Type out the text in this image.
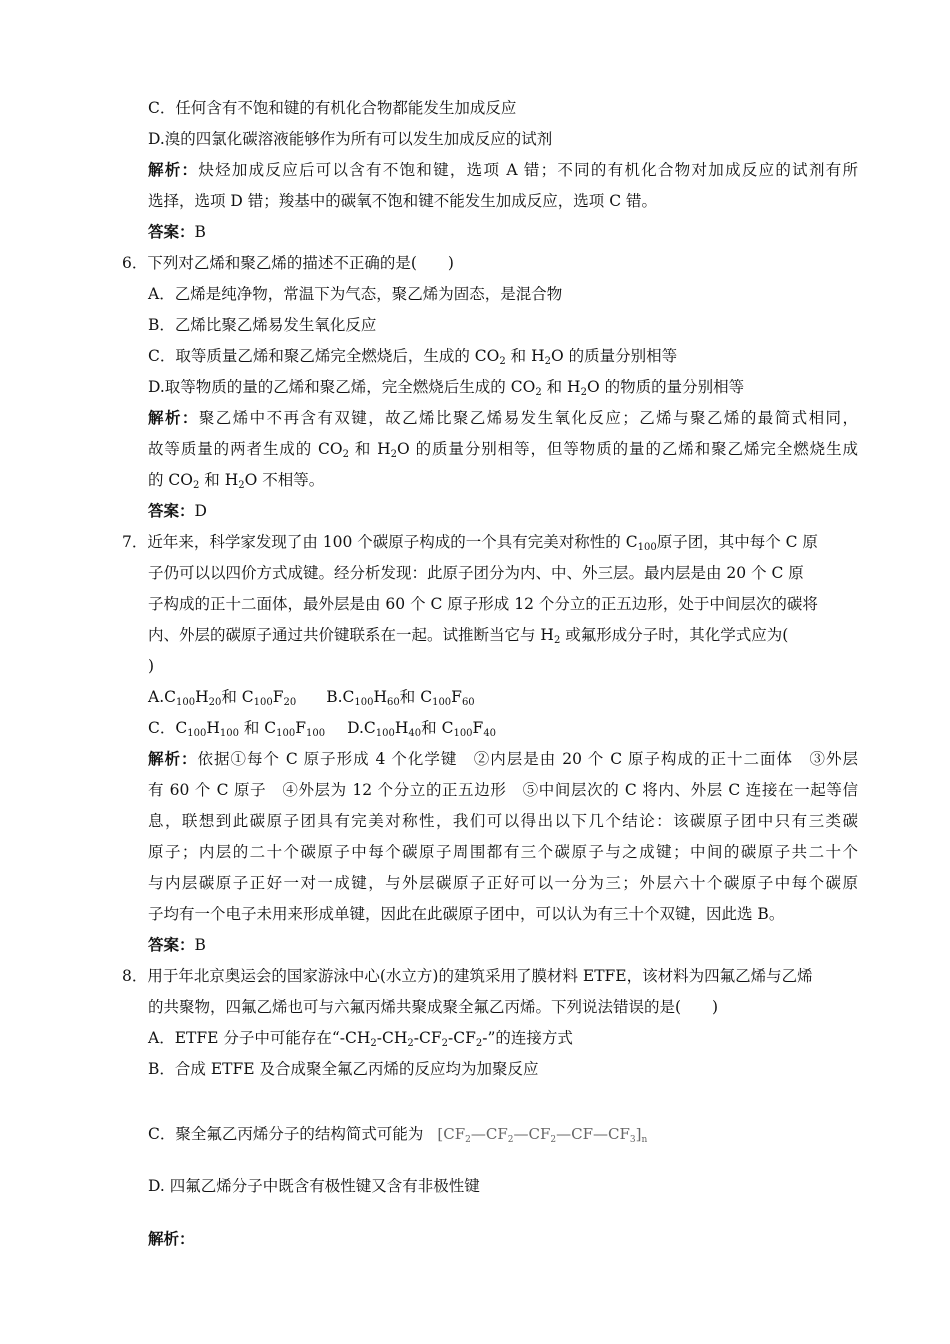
C．任何含有不饱和键的有机化合物都能发生加成反应
D.溴的四氯化碳溶液能够作为所有可以发生加成反应的试剂
解析：炔烃加成反应后可以含有不饱和键，选项 A 错；不同的有机化合物对加成反应的试剂有所
选择，选项 D 错；羧基中的碳氧不饱和键不能发生加成反应，选项 C 错。
答案：B
6．下列对乙烯和聚乙烯的描述不正确的是(　　)
A．乙烯是纯净物，常温下为气态，聚乙烯为固态，是混合物
B．乙烯比聚乙烯易发生氧化反应
C．取等质量乙烯和聚乙烯完全燃烧后，生成的 $CO_2$ 和 $H_2O$ 的质量分别相等
D.取等物质的量的乙烯和聚乙烯，完全燃烧后生成的 $CO_2$ 和 $H_2O$ 的物质的量分别相等
解析：聚乙烯中不再含有双键，故乙烯比聚乙烯易发生氧化反应；乙烯与聚乙烯的最简式相同，
故等质量的两者生成的 $CO_2$ 和 $H_2O$ 的质量分别相等，但等物质的量的乙烯和聚乙烯完全燃烧生成
的 $CO_2$ 和 $H_2O$ 不相等。
答案：D
7．近年来，科学家发现了由 100 个碳原子构成的一个具有完美对称性的 $C_{100}$原子团，其中每个 C 原
子仍可以以四价方式成键。经分析发现：此原子团分为内、中、外三层。最内层是由 20 个 C 原
子构成的正十二面体，最外层是由 60 个 C 原子形成 12 个分立的正五边形，处于中间层次的碳将
内、外层的碳原子通过共价键联系在一起。试推断当它与 $H_2$ 或氟形成分子时，其化学式应为(
)
$A.C_{100}H_{20}$和 $C_{100}F_{20}$ $B.C_{100}H_{60}$和 $C_{100}F_{60}$
C．$C_{100}H_{100}$ 和 $C_{100}F_{100}$ $D.C_{100}H_{40}$和 $C_{100}F_{40}$
解析：依据①每个 C 原子形成 4 个化学键　②内层是由 20 个 C 原子构成的正十二面体　③外层
有 60 个 C 原子　④外层为 12 个分立的正五边形　⑤中间层次的 C 将内、外层 C 连接在一起等信
息，联想到此碳原子团具有完美对称性，我们可以得出以下几个结论：该碳原子团中只有三类碳
原子；内层的二十个碳原子中每个碳原子周围都有三个碳原子与之成键；中间的碳原子共二十个
与内层碳原子正好一对一成键，与外层碳原子正好可以一分为三；外层六十个碳原子中每个碳原
子均有一个电子未用来形成单键，因此在此碳原子团中，可以认为有三十个双键，因此选 B。
答案：B
8．用于年北京奥运会的国家游泳中心(水立方)的建筑采用了膜材料 ETFE，该材料为四氟乙烯与乙烯
的共聚物，四氟乙烯也可与六氟丙烯共聚成聚全氟乙丙烯。下列说法错误的是(　　)
A．ETFE 分子中可能存在“$-CH_2-CH_2-CF_2-CF_2-$”的连接方式
B．合成 ETFE 及合成聚全氟乙丙烯的反应均为加聚反应
C．聚全氟乙丙烯分子的结构简式可能为 $[CF_2—CF_2—CF_2—CF—CF_3]_n$
D. 四氟乙烯分子中既含有极性键又含有非极性键
解析：
